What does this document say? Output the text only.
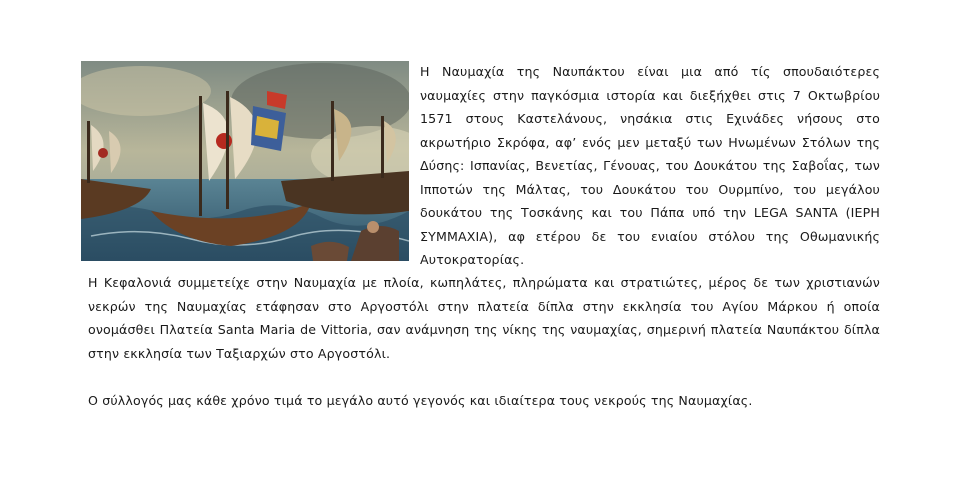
Η Ναυμαχία της Ναυπάκτου είναι μια από τίς σπουδαιότερες ναυμαχίες στην παγκόσμια ιστορία και διεξήχθει στις 7 Οκτωβρίου 1571 στους Καστελάνους, νησάκια στις Εχινάδες νήσους στο ακρωτήριο Σκρόφα, αφ’ ενός μεν μεταξύ των Ηνωμένων Στόλων της Δύσης: Ισπανίας, Βενετίας, Γένουας, του Δουκάτου της Σαβοΐας, των Ιπποτών της Μάλτας, του Δουκάτου του Ουρμπίνο, του μεγάλου δουκάτου της Τοσκάνης και του Πάπα υπό την LEGA SANTA (ΙΕΡΗ ΣΥΜΜΑΧΙΑ), αφ ετέρου δε του ενιαίου στόλου της Οθωμανικής Αυτοκρατορίας.

Η Κεφαλονιά συμμετείχε στην Ναυμαχία με πλοία, κωπηλάτες, πληρώματα και στρατιώτες, μέρος δε των χριστιανών νεκρών της Ναυμαχίας ετάφησαν στο Αργοστόλι στην πλατεία δίπλα στην εκκλησία του Αγίου Μάρκου ή οποία ονομάσθει Πλατεία Santa Maria de Vittoria, σαν ανάμνηση της νίκης της ναυμαχίας, σημερινή πλατεία Ναυπάκτου δίπλα στην εκκλησία των Ταξιαρχών στο Αργοστόλι.

Ο σύλλογός μας κάθε χρόνο τιμά το μεγάλο αυτό γεγονός και ιδιαίτερα τους νεκρούς της Ναυμαχίας.
